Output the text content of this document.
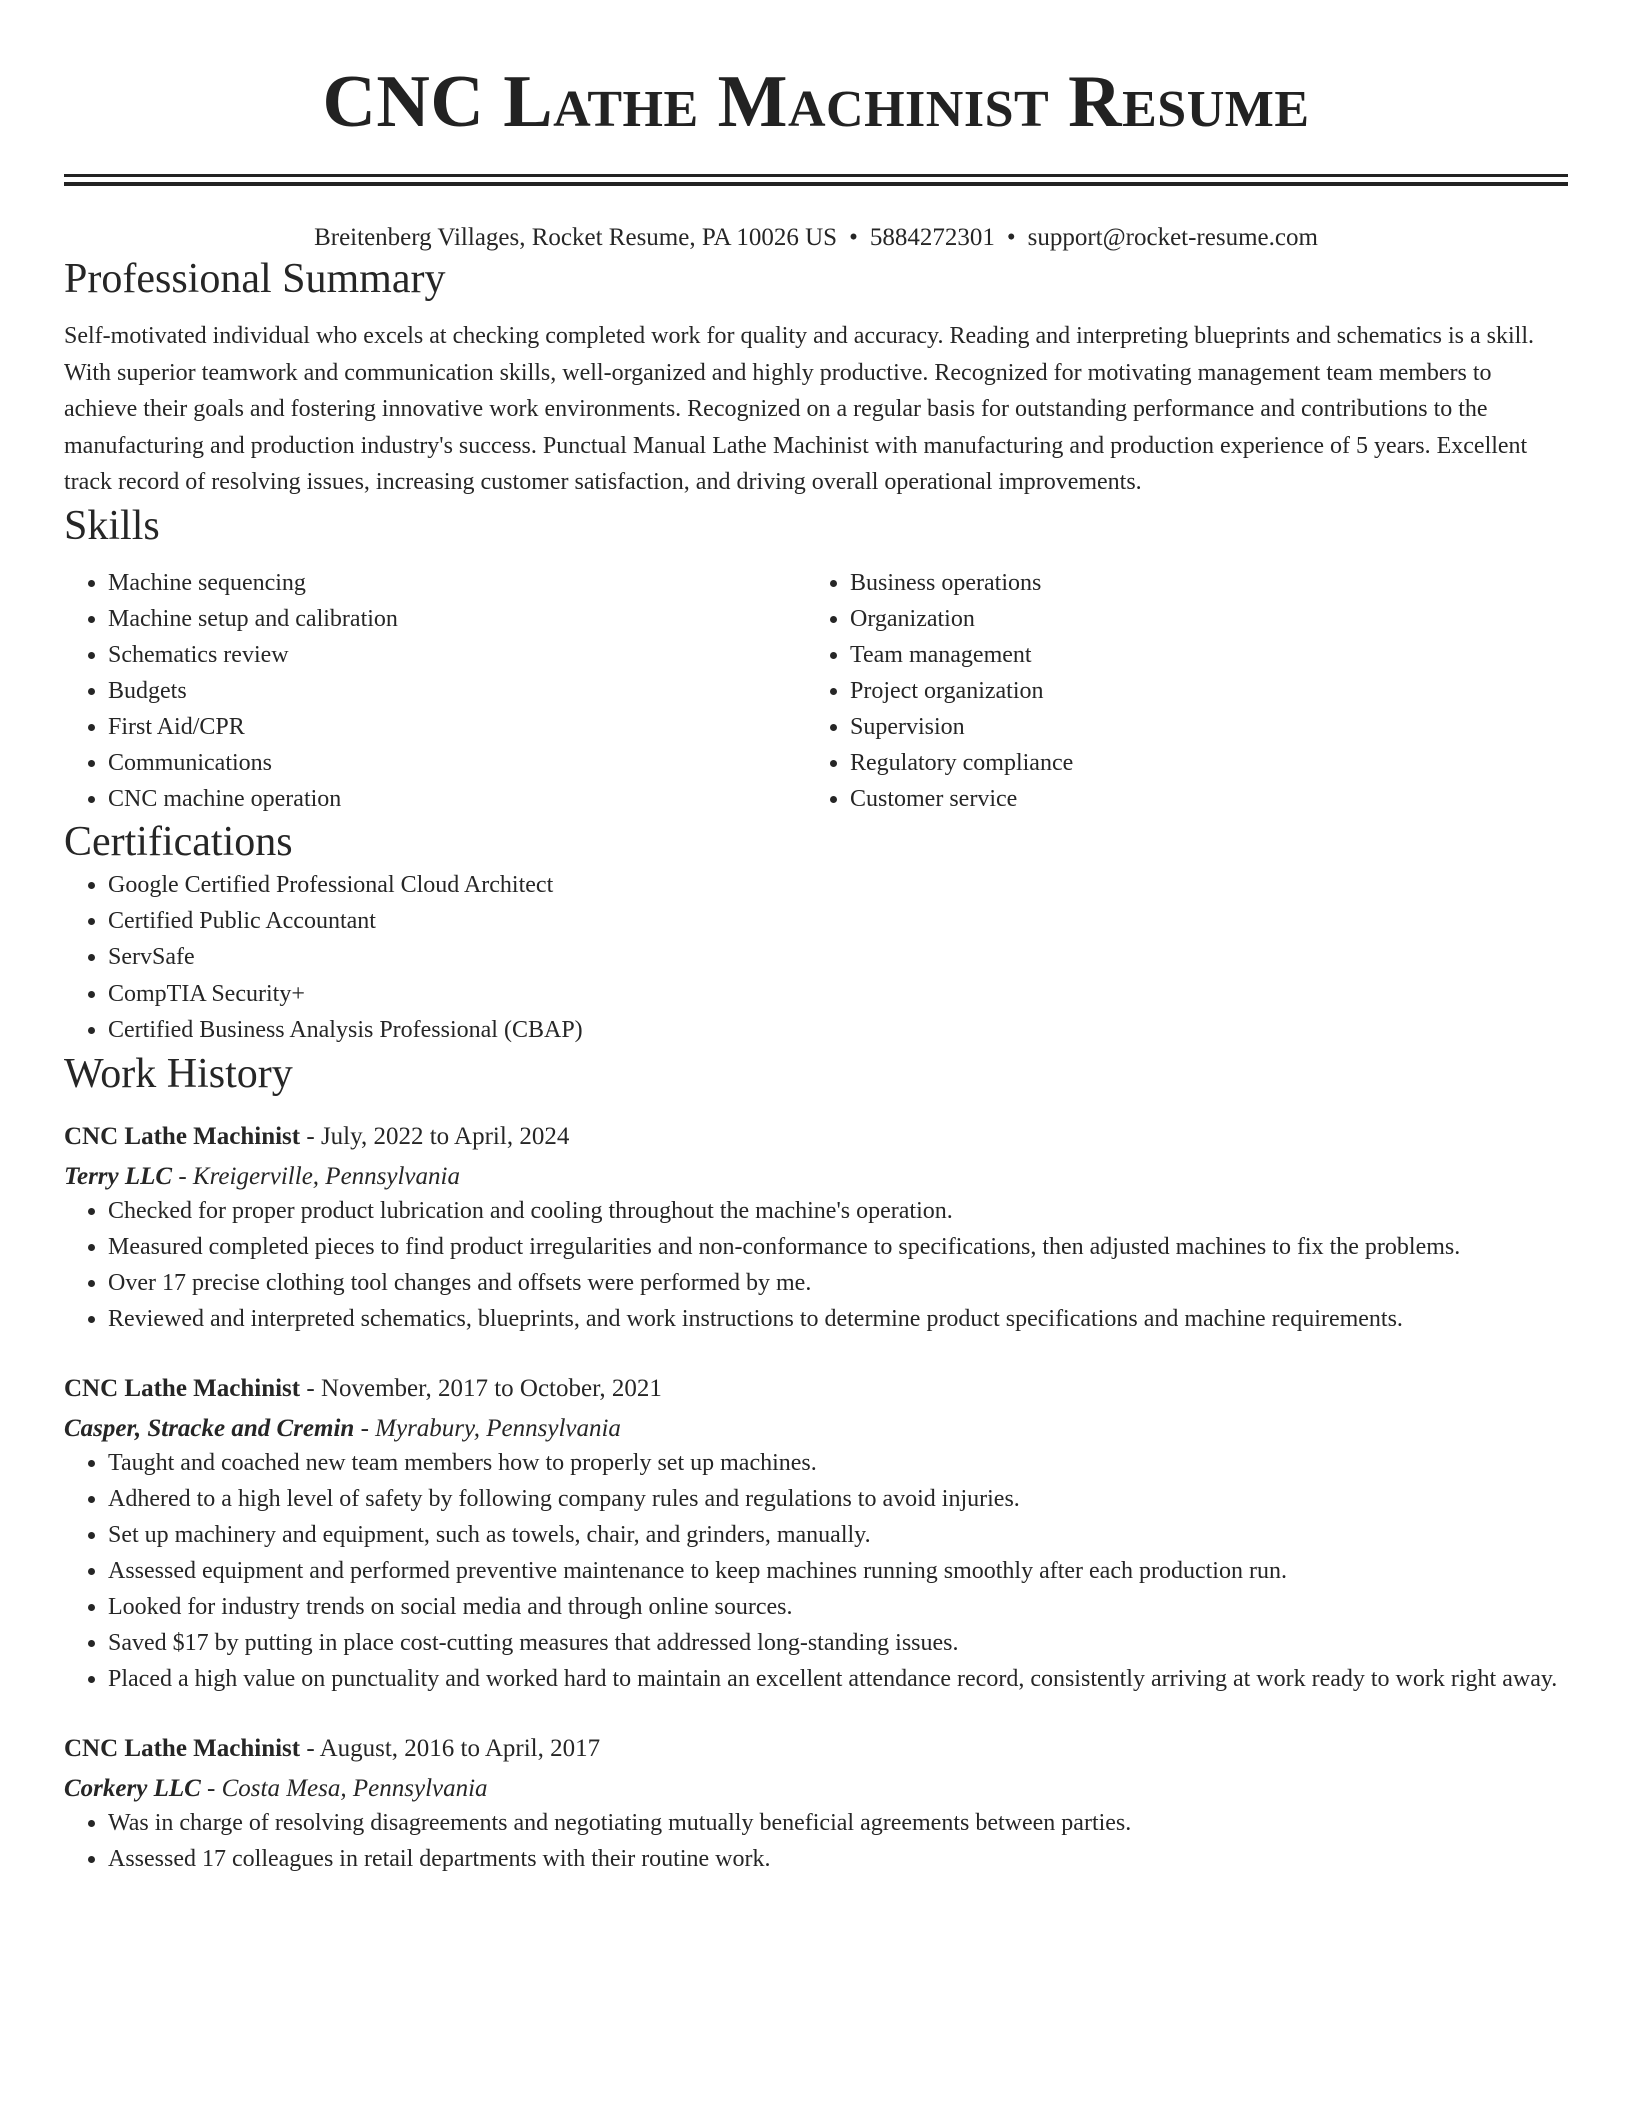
CNC Lathe Machinist Resume
Breitenberg Villages, Rocket Resume, PA 10026 US • 5884272301 • support@rocket-resume.com
Professional Summary

Self-motivated individual who excels at checking completed work for quality and accuracy. Reading and interpreting blueprints and schematics is a skill. With superior teamwork and communication skills, well-organized and highly productive. Recognized for motivating management team members to achieve their goals and fostering innovative work environments. Recognized on a regular basis for outstanding performance and contributions to the manufacturing and production industry's success. Punctual Manual Lathe Machinist with manufacturing and production experience of 5 years. Excellent track record of resolving issues, increasing customer satisfaction, and driving overall operational improvements.

Skills
• Machine sequencing
• Machine setup and calibration
• Schematics review
• Budgets
• First Aid/CPR
• Communications
• CNC machine operation
• Business operations
• Organization
• Team management
• Project organization
• Supervision
• Regulatory compliance
• Customer service
Certifications
• Google Certified Professional Cloud Architect
• Certified Public Accountant
• ServSafe
• CompTIA Security+
• Certified Business Analysis Professional (CBAP)
Work History
CNC Lathe Machinist - July, 2022 to April, 2024
Terry LLC - Kreigerville, Pennsylvania
• Checked for proper product lubrication and cooling throughout the machine's operation.
• Measured completed pieces to find product irregularities and non-conformance to specifications, then adjusted machines to fix the problems.
• Over 17 precise clothing tool changes and offsets were performed by me.
• Reviewed and interpreted schematics, blueprints, and work instructions to determine product specifications and machine requirements.
CNC Lathe Machinist - November, 2017 to October, 2021
Casper, Stracke and Cremin - Myrabury, Pennsylvania
• Taught and coached new team members how to properly set up machines.
• Adhered to a high level of safety by following company rules and regulations to avoid injuries.
• Set up machinery and equipment, such as towels, chair, and grinders, manually.
• Assessed equipment and performed preventive maintenance to keep machines running smoothly after each production run.
• Looked for industry trends on social media and through online sources.
• Saved $17 by putting in place cost-cutting measures that addressed long-standing issues.
• Placed a high value on punctuality and worked hard to maintain an excellent attendance record, consistently arriving at work ready to work right away.
CNC Lathe Machinist - August, 2016 to April, 2017
Corkery LLC - Costa Mesa, Pennsylvania
• Was in charge of resolving disagreements and negotiating mutually beneficial agreements between parties.
• Assessed 17 colleagues in retail departments with their routine work.
